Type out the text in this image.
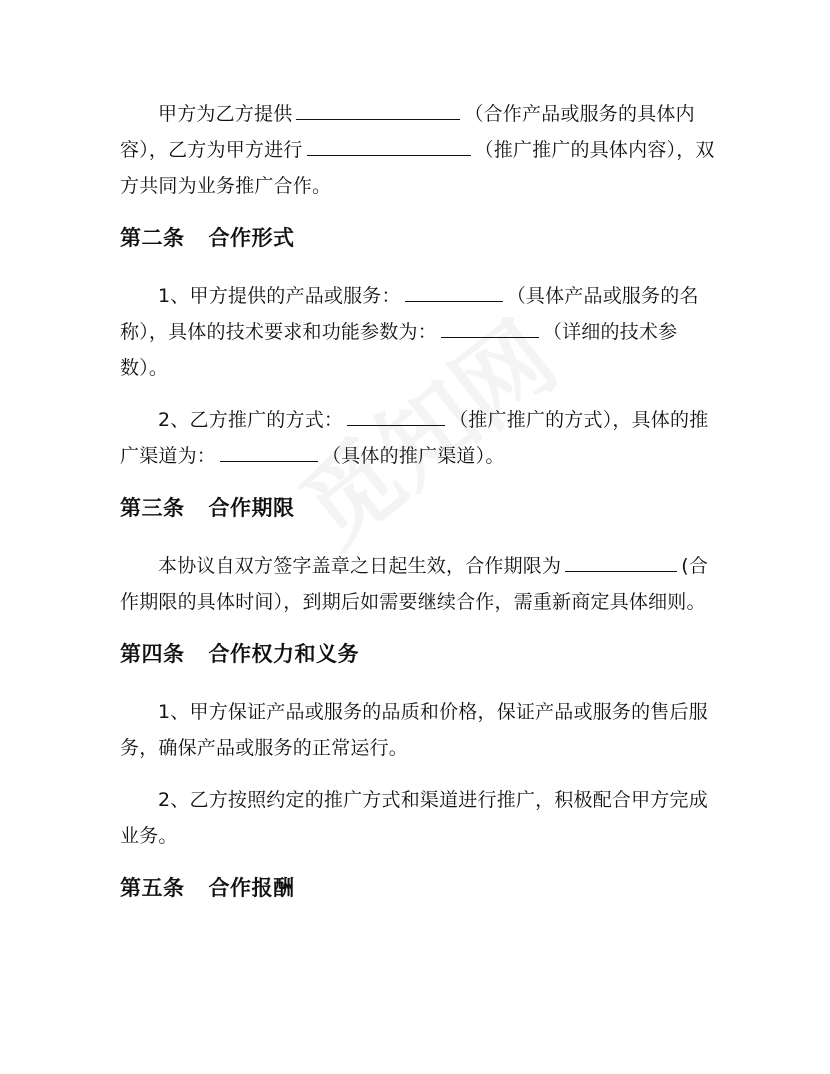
甲方为乙方提供	（合作产品或服务的具体内容），乙方为甲方进行	（推广推广的具体内容），双方共同为业务推广合作。

第二条 合作形式

1、甲方提供的产品或服务：	（具体产品或服务的名称），具体的技术要求和功能参数为：	（详细的技术参数）。

2、乙方推广的方式：	（推广推广的方式），具体的推广渠道为：	（具体的推广渠道）。

第三条 合作期限

本协议自双方签字盖章之日起生效，合作期限为	(合作期限的具体时间），到期后如需要继续合作，需重新商定具体细则。

第四条 合作权力和义务

1、甲方保证产品或服务的品质和价格，保证产品或服务的售后服务，确保产品或服务的正常运行。

2、乙方按照约定的推广方式和渠道进行推广，积极配合甲方完成业务。

第五条 合作报酬
